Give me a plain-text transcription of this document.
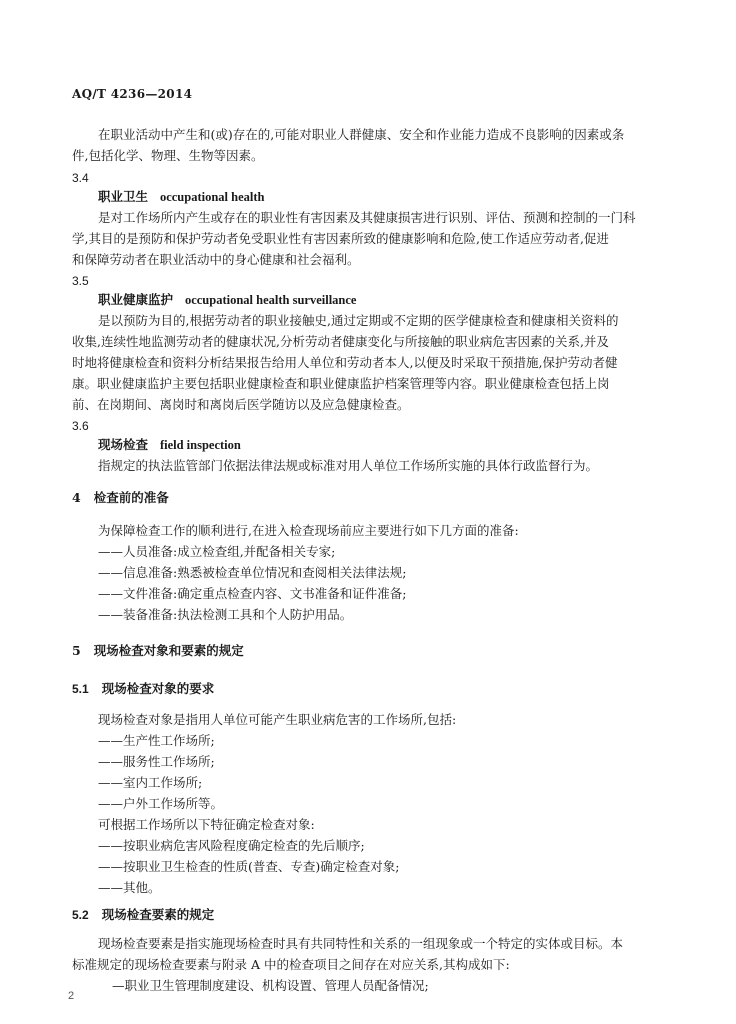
AQ/T 4236—2014
在职业活动中产生和(或)存在的,可能对职业人群健康、安全和作业能力造成不良影响的因素或条
件,包括化学、物理、生物等因素。
3.4
职业卫生 occupational health
是对工作场所内产生或存在的职业性有害因素及其健康损害进行识别、评估、预测和控制的一门科
学,其目的是预防和保护劳动者免受职业性有害因素所致的健康影响和危险,使工作适应劳动者,促进
和保障劳动者在职业活动中的身心健康和社会福利。
3.5
职业健康监护 occupational health surveillance
是以预防为目的,根据劳动者的职业接触史,通过定期或不定期的医学健康检查和健康相关资料的
收集,连续性地监测劳动者的健康状况,分析劳动者健康变化与所接触的职业病危害因素的关系,并及
时地将健康检查和资料分析结果报告给用人单位和劳动者本人,以便及时采取干预措施,保护劳动者健
康。职业健康监护主要包括职业健康检查和职业健康监护档案管理等内容。职业健康检查包括上岗
前、在岗期间、离岗时和离岗后医学随访以及应急健康检查。
3.6
现场检查 field inspection
指规定的执法监管部门依据法律法规或标准对用人单位工作场所实施的具体行政监督行为。
4 检查前的准备
为保障检查工作的顺利进行,在进入检查现场前应主要进行如下几方面的准备:
——人员准备:成立检查组,并配备相关专家;
——信息准备:熟悉被检查单位情况和查阅相关法律法规;
——文件准备:确定重点检查内容、文书准备和证件准备;
——装备准备:执法检测工具和个人防护用品。
5 现场检查对象和要素的规定
5.1 现场检查对象的要求
现场检查对象是指用人单位可能产生职业病危害的工作场所,包括:
——生产性工作场所;
——服务性工作场所;
——室内工作场所;
——户外工作场所等。
可根据工作场所以下特征确定检查对象:
——按职业病危害风险程度确定检查的先后顺序;
——按职业卫生检查的性质(普查、专查)确定检查对象;
——其他。
5.2 现场检查要素的规定
现场检查要素是指实施现场检查时具有共同特性和关系的一组现象或一个特定的实体或目标。本
标准规定的现场检查要素与附录 A 中的检查项目之间存在对应关系,其构成如下:
—职业卫生管理制度建设、机构设置、管理人员配备情况;
2
